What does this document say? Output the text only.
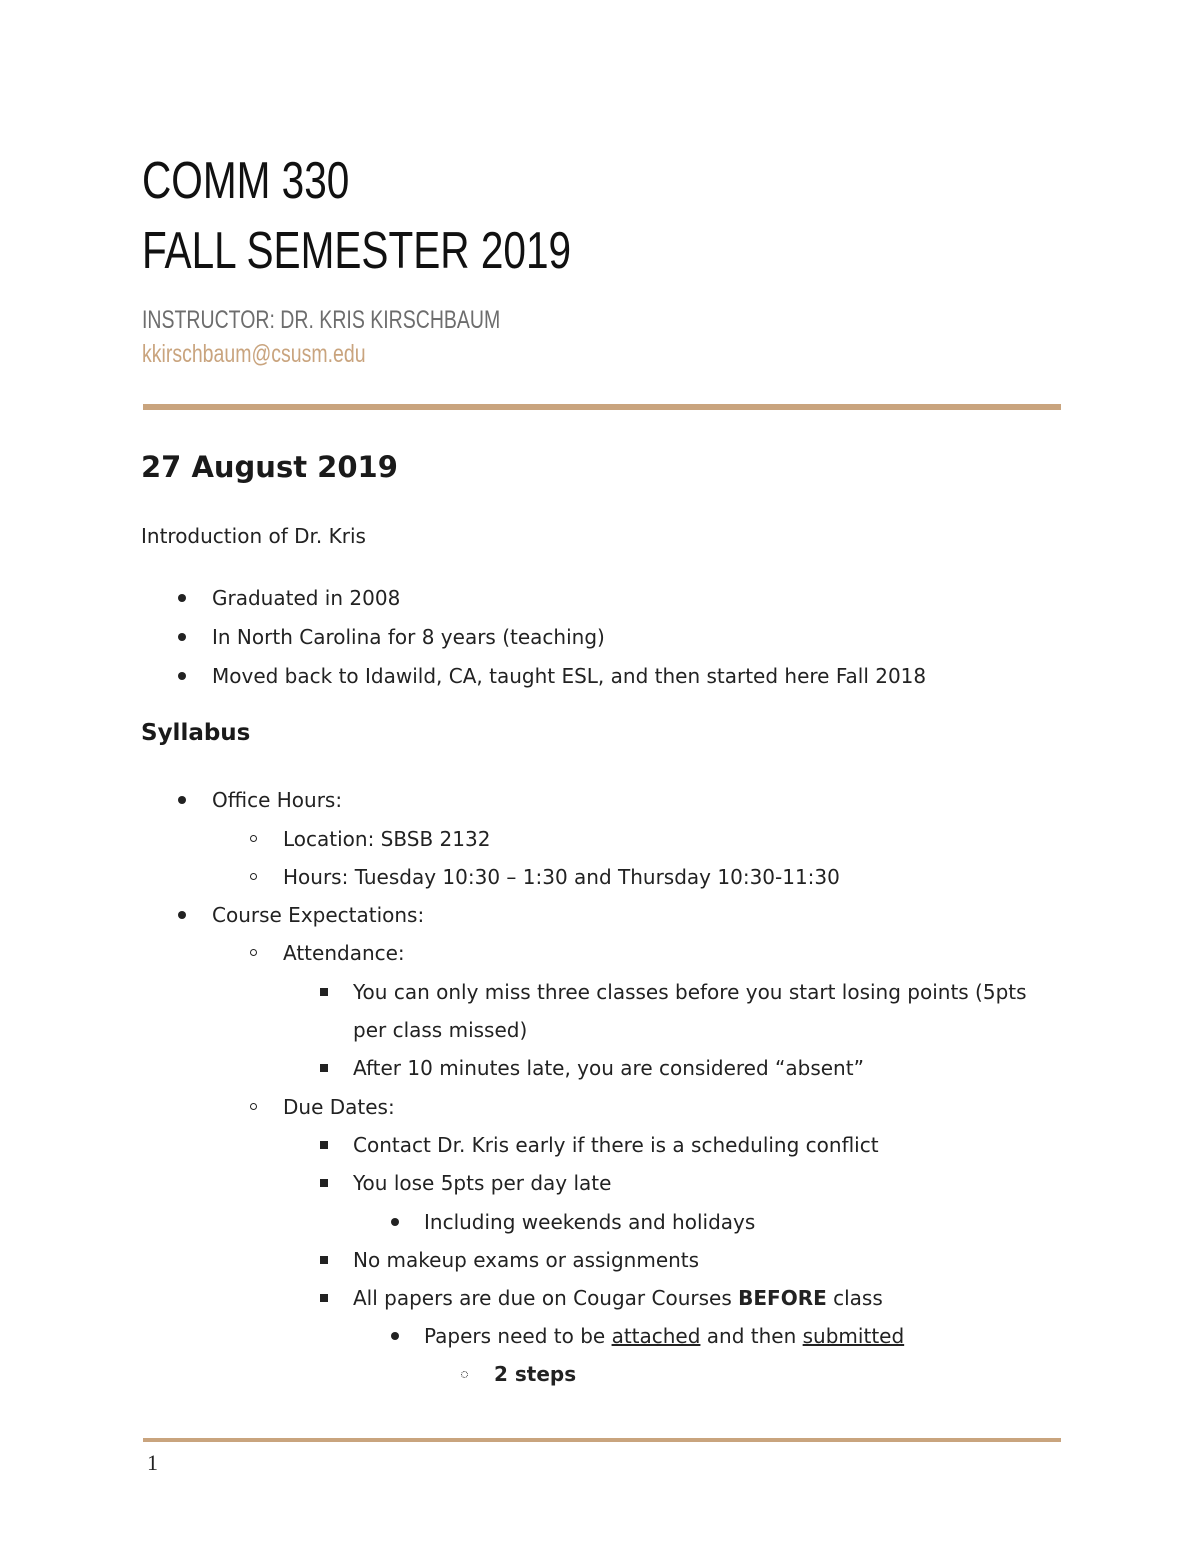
COMM 330
FALL SEMESTER 2019
INSTRUCTOR: DR. KRIS KIRSCHBAUM
kkirschbaum@csusm.edu
27 August 2019
Introduction of Dr. Kris
Graduated in 2008
In North Carolina for 8 years (teaching)
Moved back to Idawild, CA, taught ESL, and then started here Fall 2018
Syllabus
Office Hours:
Location: SBSB 2132
Hours: Tuesday 10:30 – 1:30 and Thursday 10:30-11:30
Course Expectations:
Attendance:
You can only miss three classes before you start losing points (5pts
per class missed)
After 10 minutes late, you are considered “absent”
Due Dates:
Contact Dr. Kris early if there is a scheduling conflict
You lose 5pts per day late
Including weekends and holidays
No makeup exams or assignments
All papers are due on Cougar Courses BEFORE class
Papers need to be attached and then submitted
2 steps
1
